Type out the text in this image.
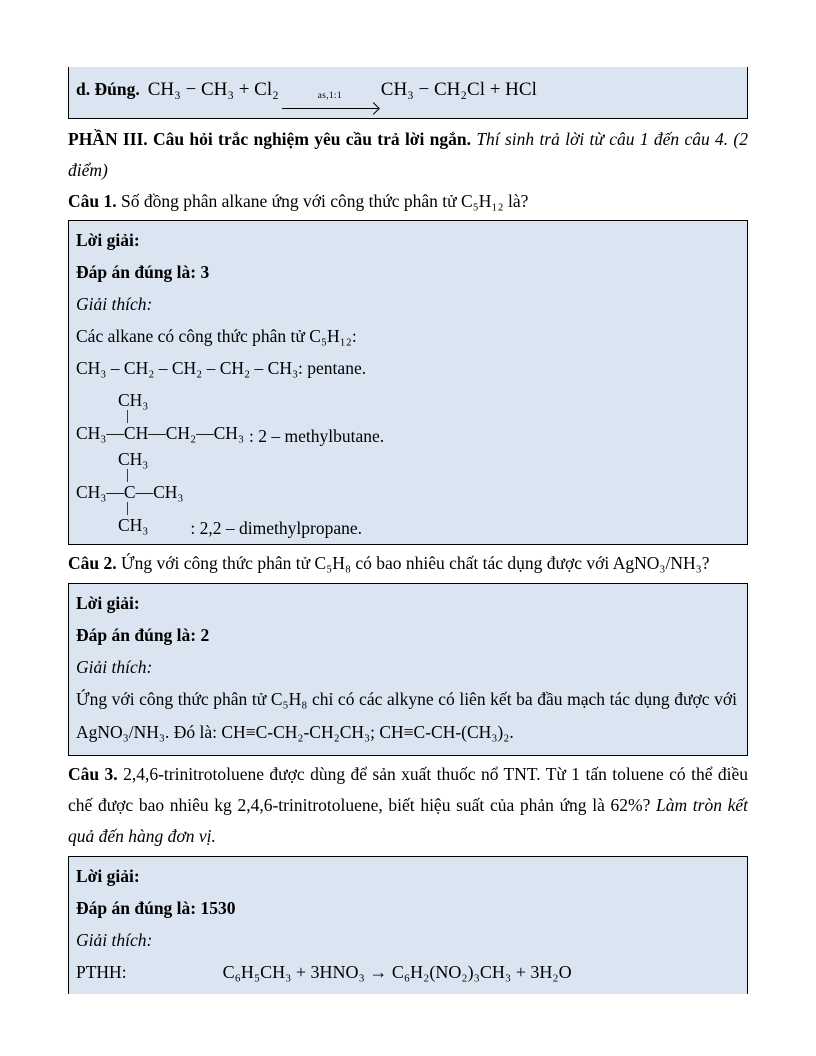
d. Đúng. CH₃ − CH₃ + Cl₂	as,1:1 CH₃ − CH₂Cl + HCl

PHẦN III. Câu hỏi trắc nghiệm yêu cầu trả lời ngắn. Thí sinh trả lời từ câu 1 đến câu 4. (2 điểm)

Câu 1. Số đồng phân alkane ứng với công thức phân tử C₅H₁₂ là?

Lời giải:
Đáp án đúng là: 3
Giải thích:
Các alkane có công thức phân tử C₅H₁₂:
CH₃ – CH₂ – CH₂ – CH₂ – CH₃: pentane.
CH₃
|
CH₃—CH—CH₂—CH₃ : 2 – methylbutane.
CH₃
|
CH₃—C—CH₃
|
CH₃ : 2,2 – dimethylpropane.

Câu 2. Ứng với công thức phân tử C₅H₈ có bao nhiêu chất tác dụng được với AgNO₃/NH₃?

Lời giải:
Đáp án đúng là: 2
Giải thích:

Ứng với công thức phân tử C₅H₈ chỉ có các alkyne có liên kết ba đầu mạch tác dụng được với AgNO₃/NH₃. Đó là: CH≡C-CH₂-CH₂CH₃; CH≡C-CH-(CH₃)₂.

Câu 3. 2,4,6-trinitrotoluene được dùng để sản xuất thuốc nổ TNT. Từ 1 tấn toluene có thể điều chế được bao nhiêu kg 2,4,6-trinitrotoluene, biết hiệu suất của phản ứng là 62%? Làm tròn kết quả đến hàng đơn vị.

Lời giải:
Đáp án đúng là: 1530
Giải thích:
PTHH:	C₆H₅CH₃ + 3HNO₃ → C₆H₂(NO₂)₃CH₃ + 3H₂O
